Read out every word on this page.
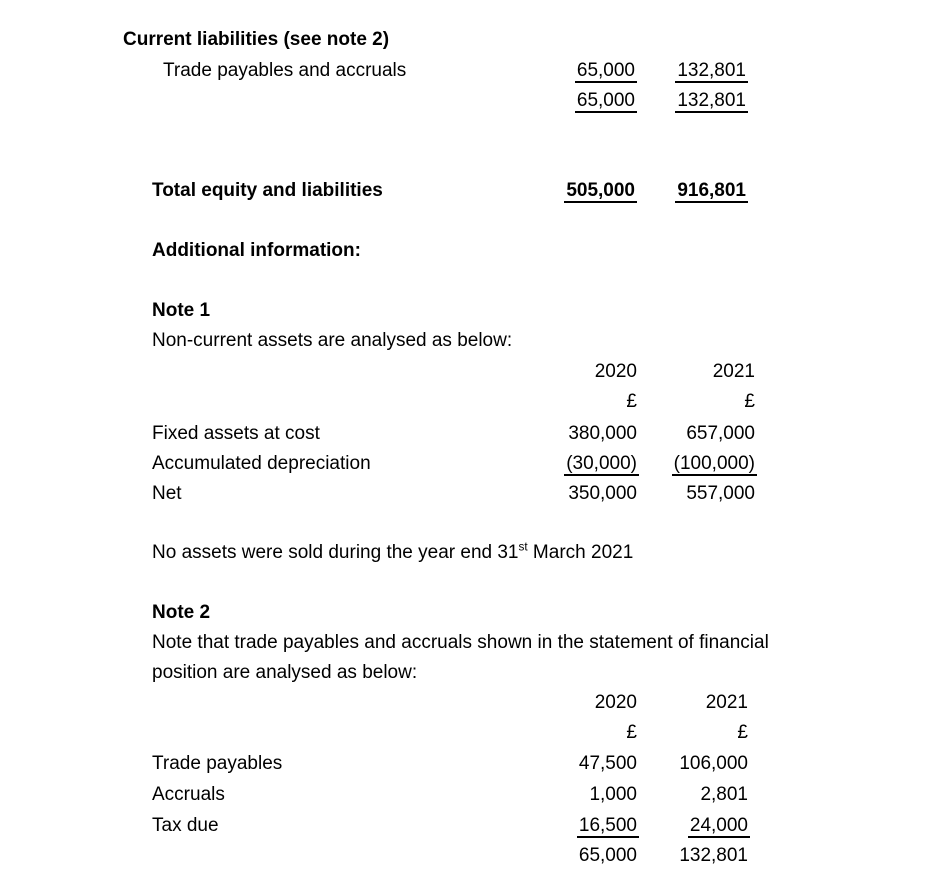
Current liabilities (see note 2)
Trade payables and accruals	65,000	132,801
65,000	132,801
Total equity and liabilities	505,000	916,801
Additional information:
Note 1
Non-current assets are analysed as below:
2020	2021
£	£
Fixed assets at cost	380,000	657,000
Accumulated depreciation	(30,000)	(100,000)
Net	350,000	557,000
No assets were sold during the year end 31st March 2021
Note 2
Note that trade payables and accruals shown in the statement of financial
position are analysed as below:
2020	2021
£	£
Trade payables	47,500	106,000
Accruals	1,000	2,801
Tax due	16,500	24,000
65,000	132,801
